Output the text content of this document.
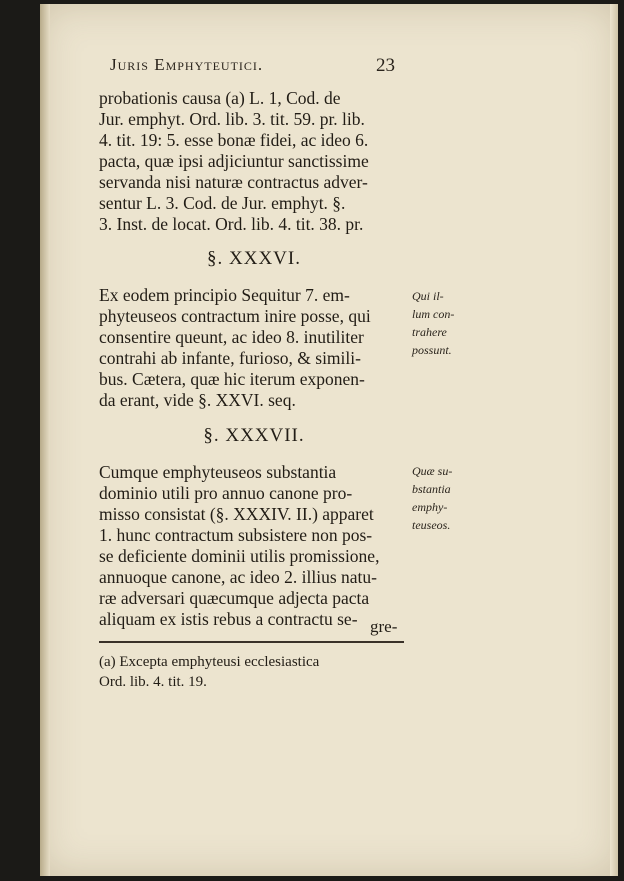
Juris Emphyteutici.	23
probationis causa (a) L. 1, Cod. de
Jur. emphyt. Ord. lib. 3. tit. 59. pr. lib.
4. tit. 19: 5. esse bonæ fidei, ac ideo 6.
pacta, quæ ipsi adjiciuntur sanctissime
servanda nisi naturæ contractus adver-
sentur L. 3. Cod. de Jur. emphyt. §.
3. Inst. de locat. Ord. lib. 4. tit. 38. pr.
§. XXXVI.
Ex eodem principio Sequitur 7. em-
phyteuseos contractum inire posse, qui
consentire queunt, ac ideo 8. inutiliter
contrahi ab infante, furioso, & simili-
bus. Cætera, quæ hic iterum exponen-
da erant, vide §. XXVI. seq.
Qui il-
lum con-
trahere
possunt.
§. XXXVII.
Cumque emphyteuseos substantia
dominio utili pro annuo canone pro-
misso consistat (§. XXXIV. II.) apparet
1. hunc contractum subsistere non pos-
se deficiente dominii utilis promissione,
annuoque canone, ac ideo 2. illius natu-
ræ adversari quæcumque adjecta pacta
aliquam ex istis rebus a contractu se-
Quæ su-
bstantia
emphy-
teuseos.
gre-
(a) Excepta emphyteusi ecclesiastica
Ord. lib. 4. tit. 19.
